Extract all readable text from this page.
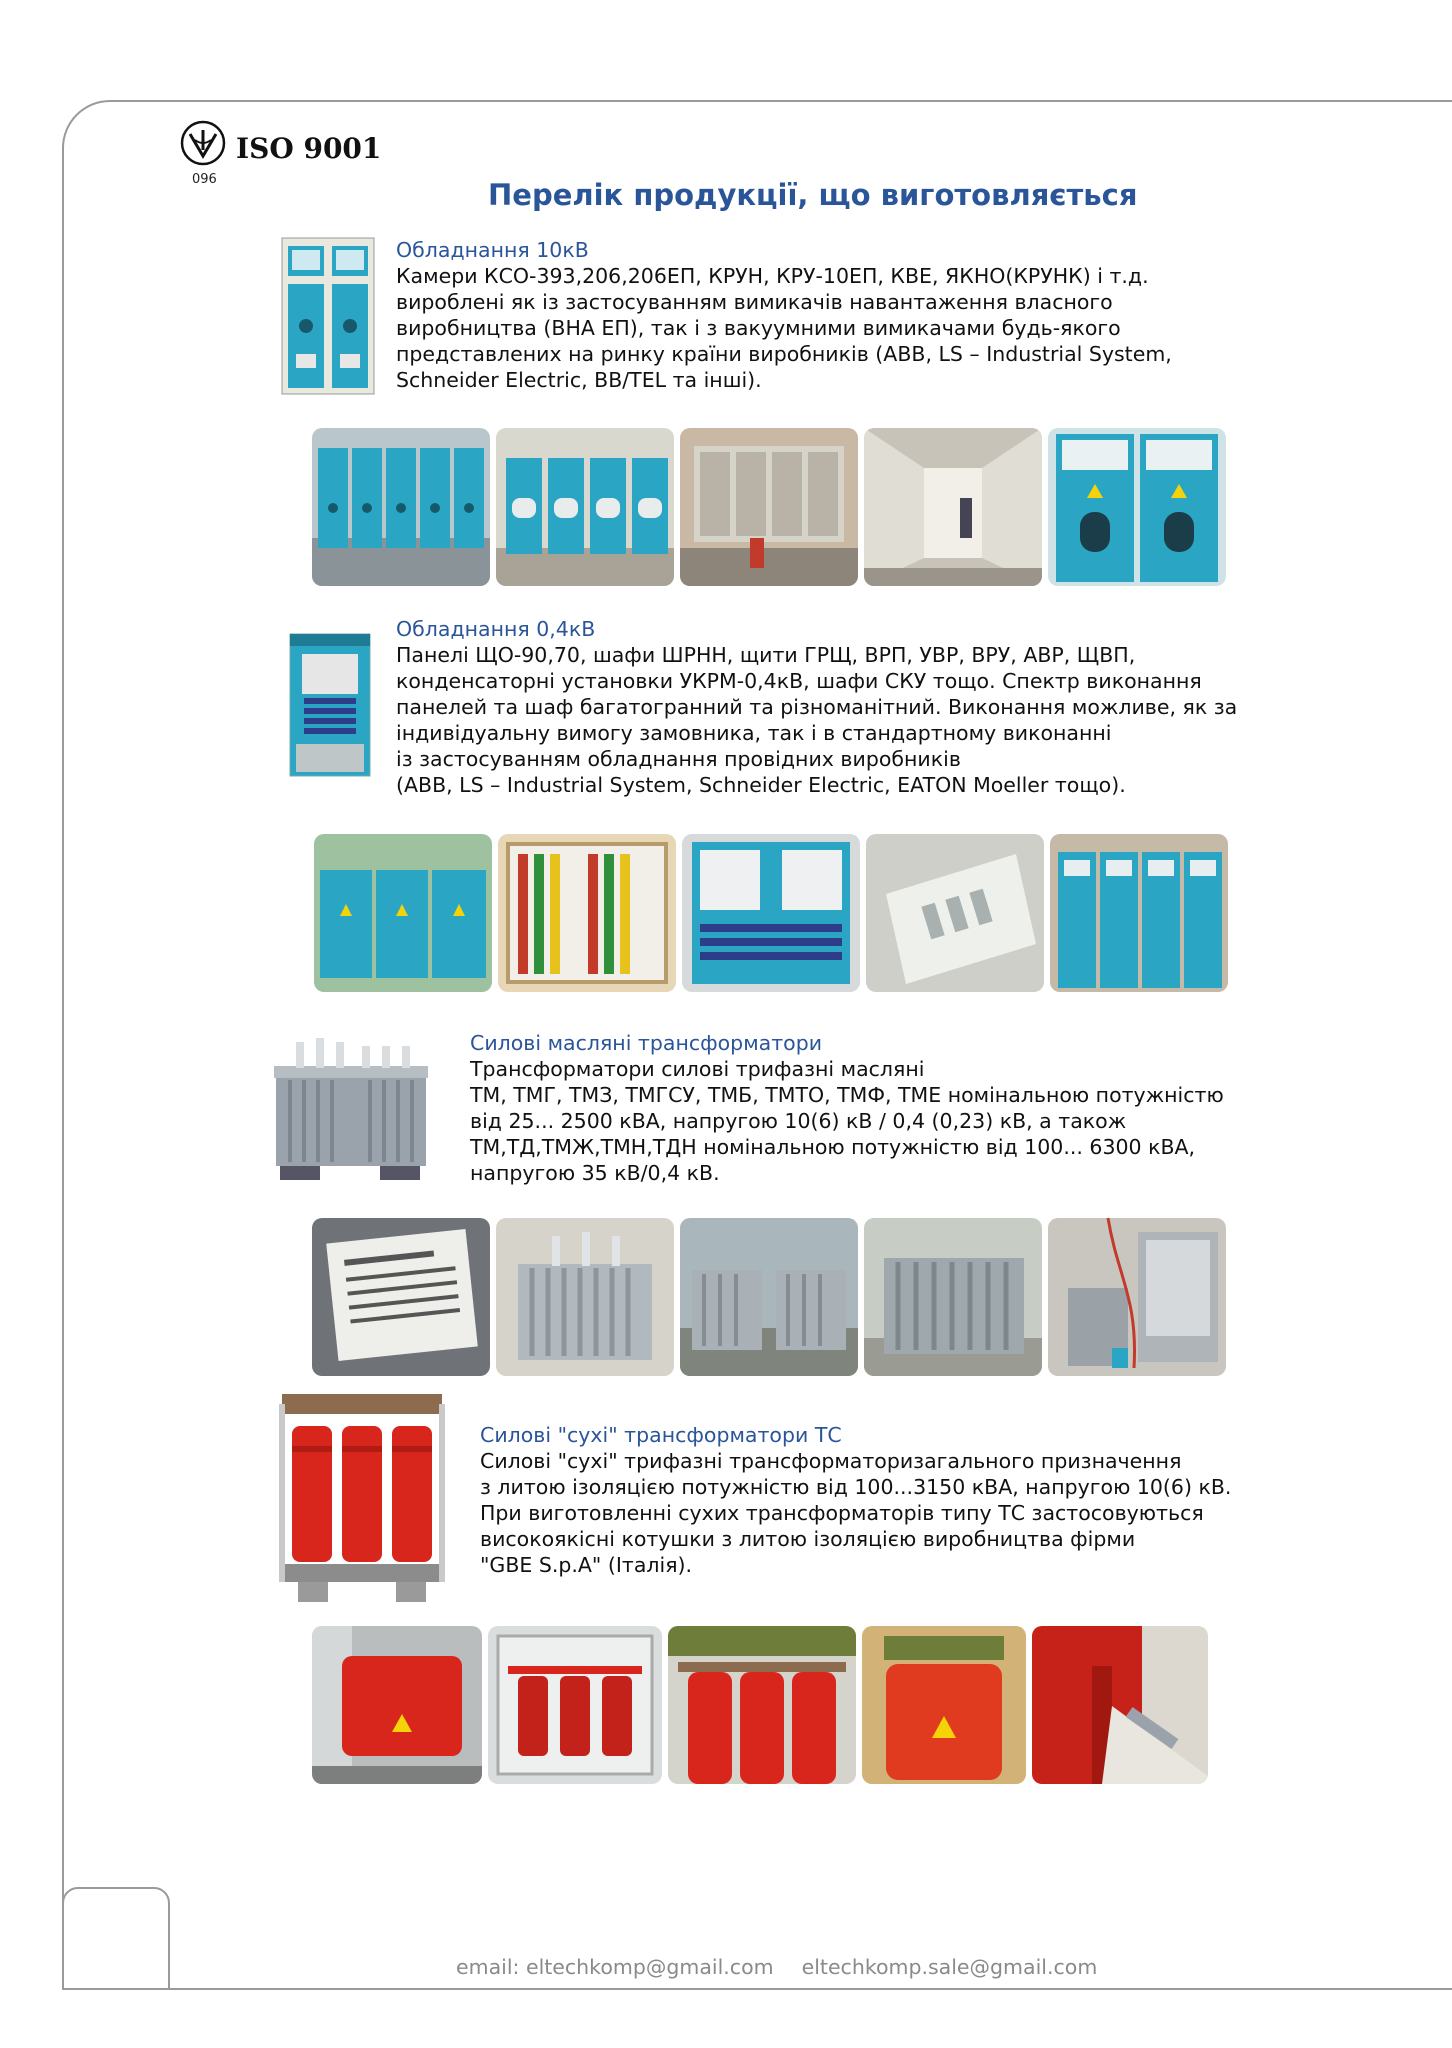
ISO 9001
096	Перелік продукції, що виготовляється
Обладнання 10кВ
Камери КСО-393,206,206ЕП, КРУН, КРУ-10ЕП, КВЕ, ЯКНО(КРУНК) і т.д.
вироблені як із застосуванням вимикачів навантаження власного
виробництва (ВНА ЕП), так і з вакуумними вимикачами будь-якого
представлених на ринку країни виробників (ABB, LS – Industrial System,
Schneider Electric, BB/TEL та інші).
Обладнання 0,4кВ
Панелі ЩО-90,70, шафи ШРНН, щити ГРЩ, ВРП, УВР, ВРУ, АВР, ЩВП,
конденсаторні установки УКРМ-0,4кВ, шафи СКУ тощо. Спектр виконання
панелей та шаф багатогранний та різноманітний. Виконання можливе, як за
індивідуальну вимогу замовника, так і в стандартному виконанні
із застосуванням обладнання провідних виробників
(ABB, LS – Industrial System, Schneider Electric, EATON Moeller тощо).
Силові масляні трансформатори
Трансформатори силові трифазні масляні
ТМ, ТМГ, ТМЗ, ТМГСУ, ТМБ, ТМТО, ТМФ, ТМЕ номінальною потужністю
від 25... 2500 кВА, напругою 10(6) кВ / 0,4 (0,23) кВ, а також
ТМ,ТД,ТМЖ,ТМН,ТДН номінальною потужністю від 100... 6300 кВА,
напругою 35 кВ/0,4 кВ.
Силові "сухі" трансформатори ТС
Силові "сухі" трифазні трансформаторизагального призначення
з литою ізоляцією потужністю від 100...3150 кВА, напругою 10(6) кВ.
При виготовленні сухих трансформаторів типу ТС застосовуються
високоякісні котушки з литою ізоляцією виробництва фірми
"GBE S.p.A" (Італія).
email: eltechkomp@gmail.com eltechkomp.sale@gmail.com
